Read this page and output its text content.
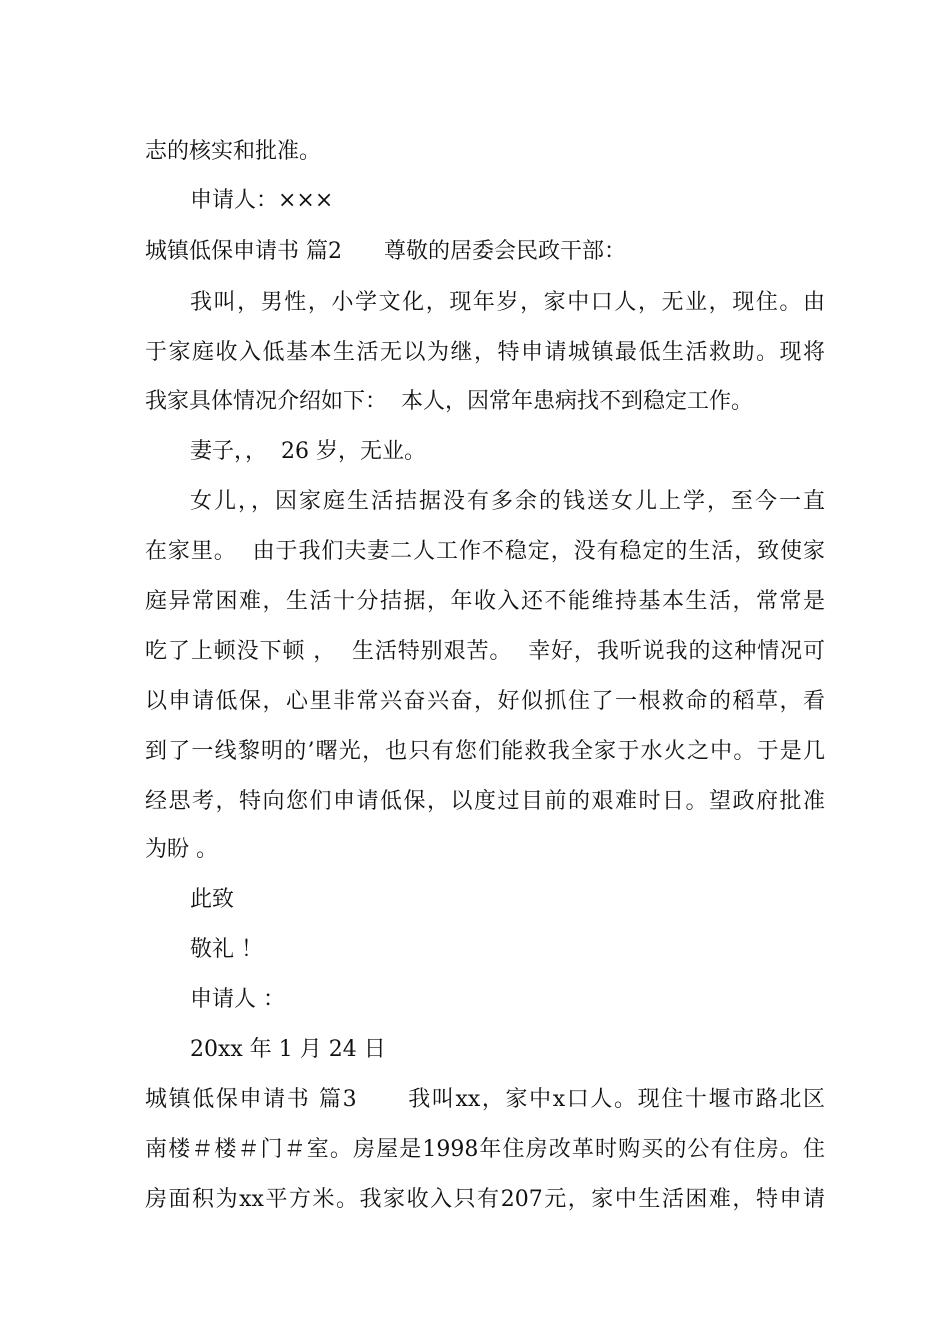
志的核实和批准。
申请人：×××
城镇低保申请书 篇2      尊敬的居委会民政干部：
我叫，男性，小学文化，现年岁，家中口人，无业，现住。由
于家庭收入低基本生活无以为继，特申请城镇最低生活救助。现将
我家具体情况介绍如下：  本人，因常年患病找不到稳定工作。
妻子，，  26 岁，无业。
女儿，，因家庭生活拮据没有多余的钱送女儿上学，至今一直
在家里。  由于我们夫妻二人工作不稳定，没有稳定的生活，致使家
庭异常困难，生活十分拮据，年收入还不能维持基本生活，常常是
吃了上顿没下顿 ，  生活特别艰苦。  幸好，我听说我的这种情况可
以申请低保，心里非常兴奋兴奋，好似抓住了一根救命的稻草，看
到了一线黎明的’曙光，也只有您们能救我全家于水火之中。于是几
经思考，特向您们申请低保，以度过目前的艰难时日。望政府批准
为盼 。
此致
敬礼 ！
申请人 ：
20xx 年 1 月 24 日
城镇低保申请书 篇3      我叫xx，家中x口人。现住十堰市路北区
南楼＃楼＃门＃室。房屋是1998年住房改革时购买的公有住房。住
房面积为xx平方米。我家收入只有207元，家中生活困难，特申请
